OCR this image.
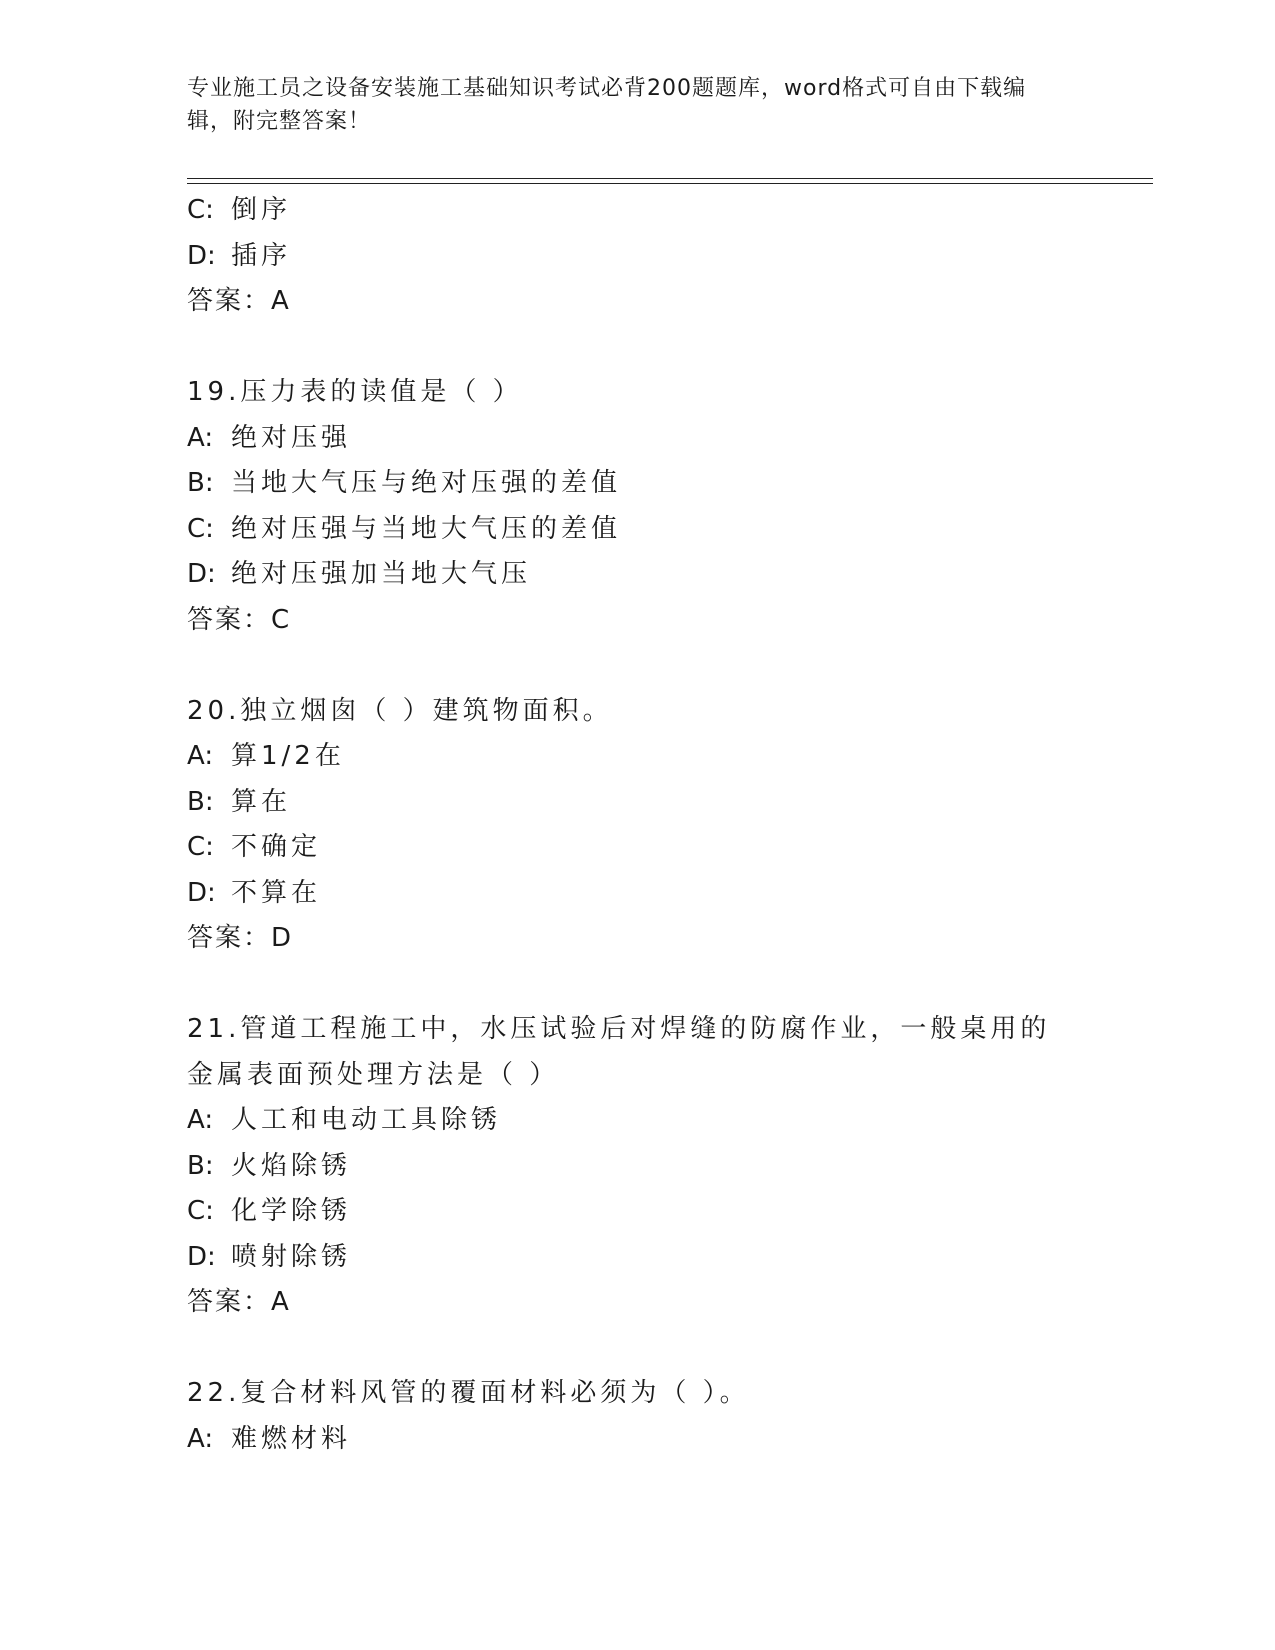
专业施工员之设备安装施工基础知识考试必背200题题库，word格式可自由下载编辑，附完整答案！
C: 倒序
D: 插序
答案：A
19.压力表的读值是（ ）
A: 绝对压强
B: 当地大气压与绝对压强的差值
C: 绝对压强与当地大气压的差值
D: 绝对压强加当地大气压
答案：C
20.独立烟囱（ ）建筑物面积。
A: 算1/2在
B: 算在
C: 不确定
D: 不算在
答案：D
21.管道工程施工中，水压试验后对焊缝的防腐作业，一般桌用的金属表面预处理方法是（ ）
A: 人工和电动工具除锈
B: 火焰除锈
C: 化学除锈
D: 喷射除锈
答案：A
22.复合材料风管的覆面材料必须为（ ）。
A: 难燃材料
